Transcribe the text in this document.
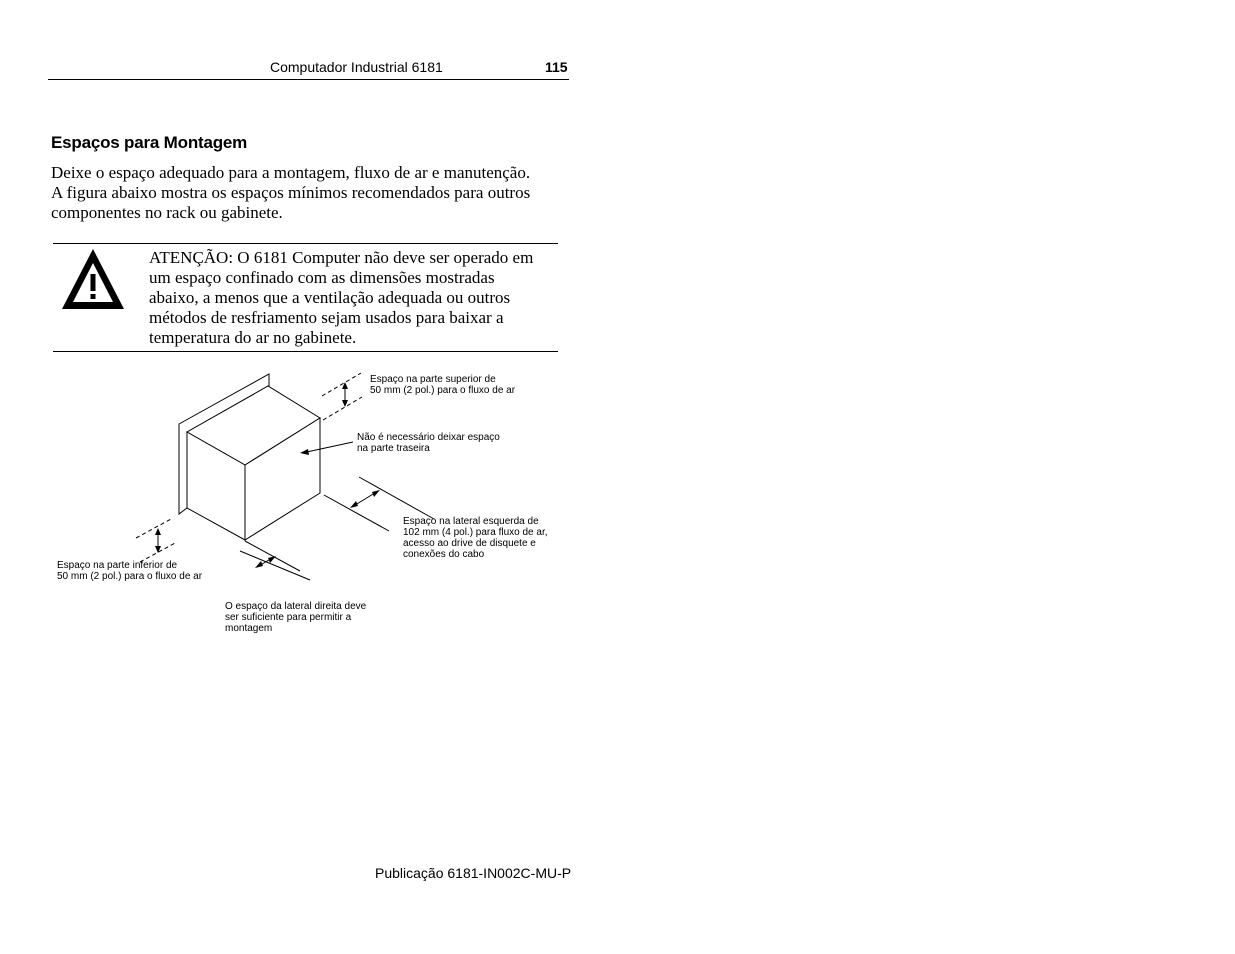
Computador Industrial 6181	115
Espaços para Montagem
Deixe o espaço adequado para a montagem, fluxo de ar e manutenção.
A figura abaixo mostra os espaços mínimos recomendados para outros
componentes no rack ou gabinete.
ATENÇÃO: O 6181 Computer não deve ser operado em
um espaço confinado com as dimensões mostradas
abaixo, a menos que a ventilação adequada ou outros
métodos de resfriamento sejam usados para baixar a
temperatura do ar no gabinete.
Espaço na parte superior de
50 mm (2 pol.) para o fluxo de ar
Não é necessário deixar espaço
na parte traseira
Espaço na lateral esquerda de
102 mm (4 pol.) para fluxo de ar,
acesso ao drive de disquete e
conexões do cabo
Espaço na parte inferior de
50 mm (2 pol.) para o fluxo de ar
O espaço da lateral direita deve
ser suficiente para permitir a
montagem
Publicação 6181-IN002C-MU-P
